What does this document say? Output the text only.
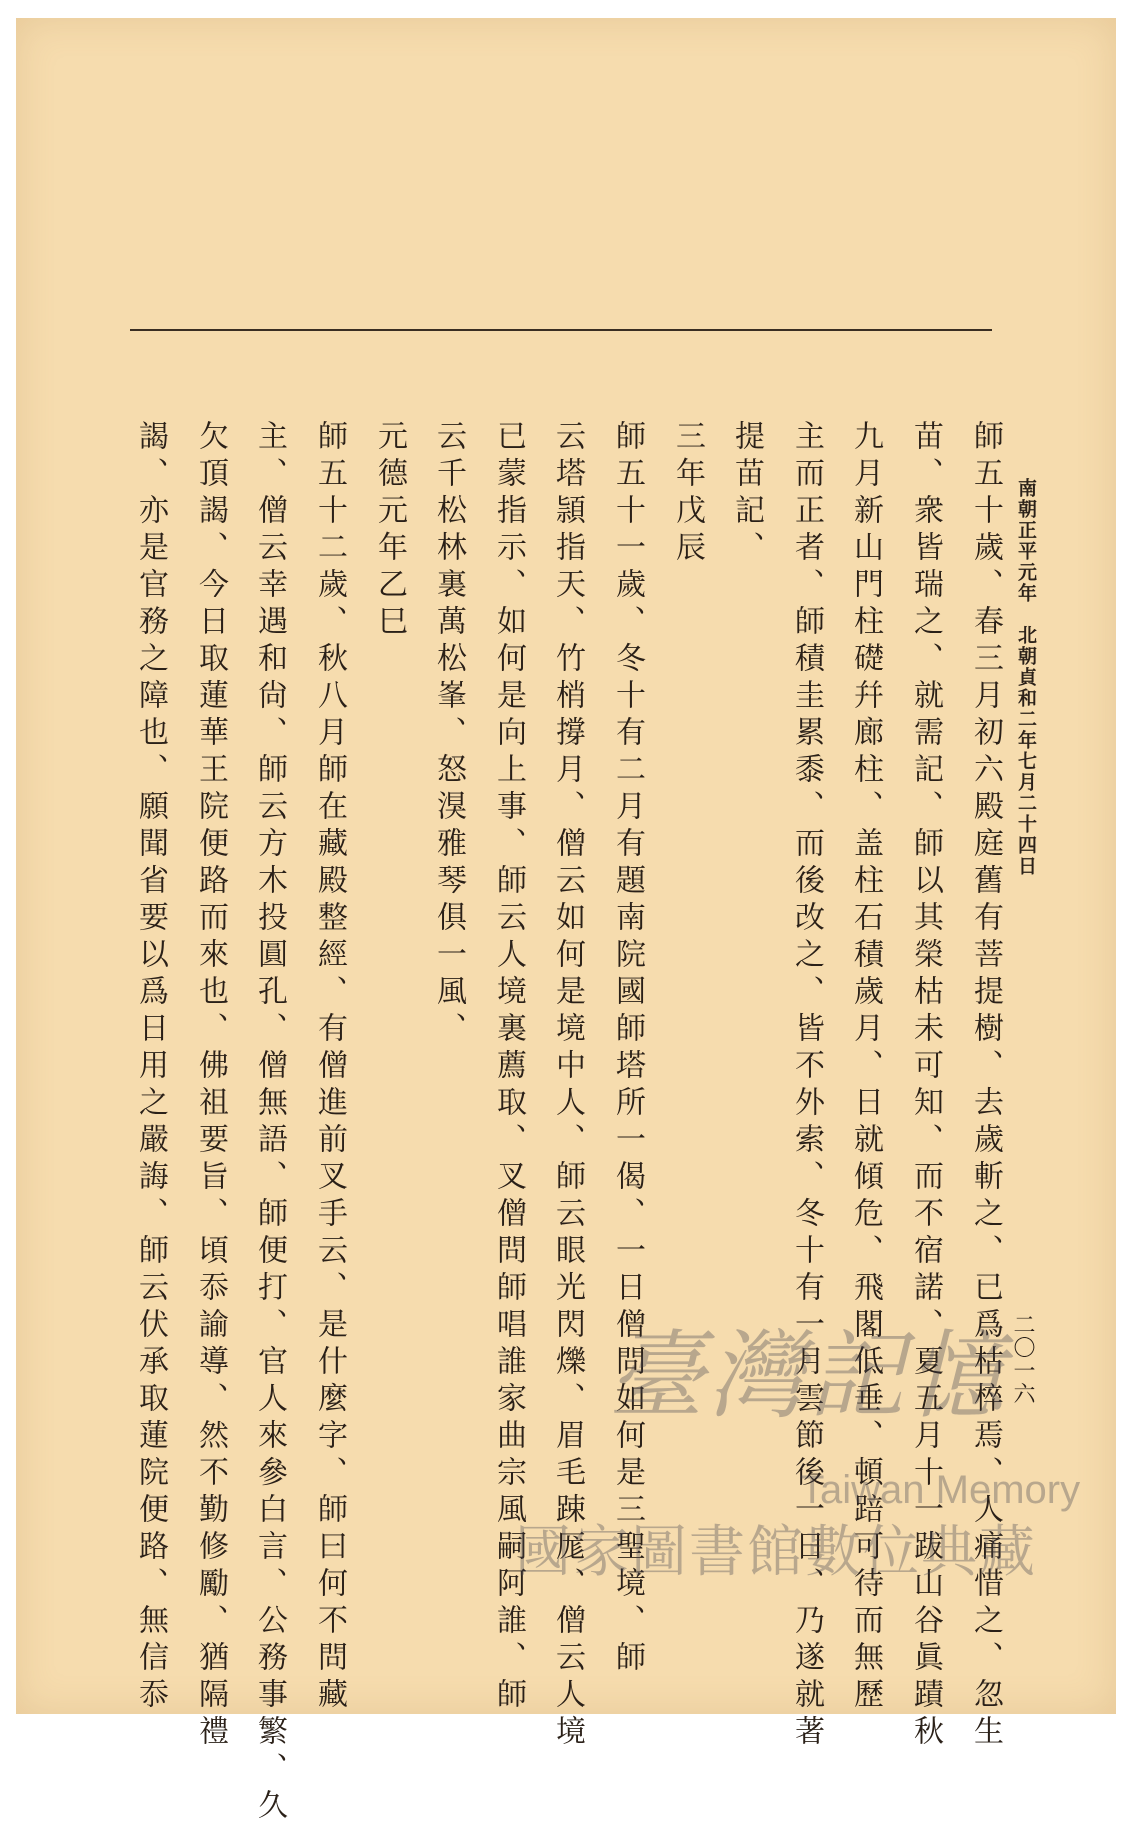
南朝正平元年　北朝貞和二年七月二十四日
師五十歲、春三月初六殿庭舊有菩提樹、去歲斬之、已爲枯椊焉、人痛惜之、忽生
苗、衆皆瑞之、就需記、師以其榮枯未可知、而不宿諾、夏五月十一跋山谷眞蹟秋
九月新山門柱礎幷廊柱、盖柱石積歲月、日就傾危、飛閣低垂、頓踣可待而無歷
主而正者、師積圭累黍、而後改之、皆不外索、冬十有一月雲節後一日、乃遂就著
提苗記、
三年戊辰
師五十一歲、冬十有二月有題南院國師塔所一偈、一日僧問如何是三聖境、師
云塔頴指天、竹梢撐月、僧云如何是境中人、師云眼光閃爍、眉毛踈厖、僧云人境
已蒙指示、如何是向上事、師云人境裏薦取、叉僧問師唱誰家曲宗風嗣阿誰、師
云千松林裏萬松峯、怒湨雅琴俱一風、
元德元年乙巳
師五十二歲、秋八月師在藏殿整經、有僧進前叉手云、是什麼字、師曰何不問藏
主、僧云幸遇和尙、師云方木投圓孔、僧無語、師便打、官人來參白言、公務事繁、久
欠頂謁、今日取蓮華王院便路而來也、佛祖要旨、頃忝諭導、然不勤修勵、猶隔禮
謁、亦是官務之障也、願聞省要以爲日用之嚴誨、師云伏承取蓮院便路、無信忝	二〇一六
臺灣記憶
Taiwan Memory
國家圖書館數位典藏
